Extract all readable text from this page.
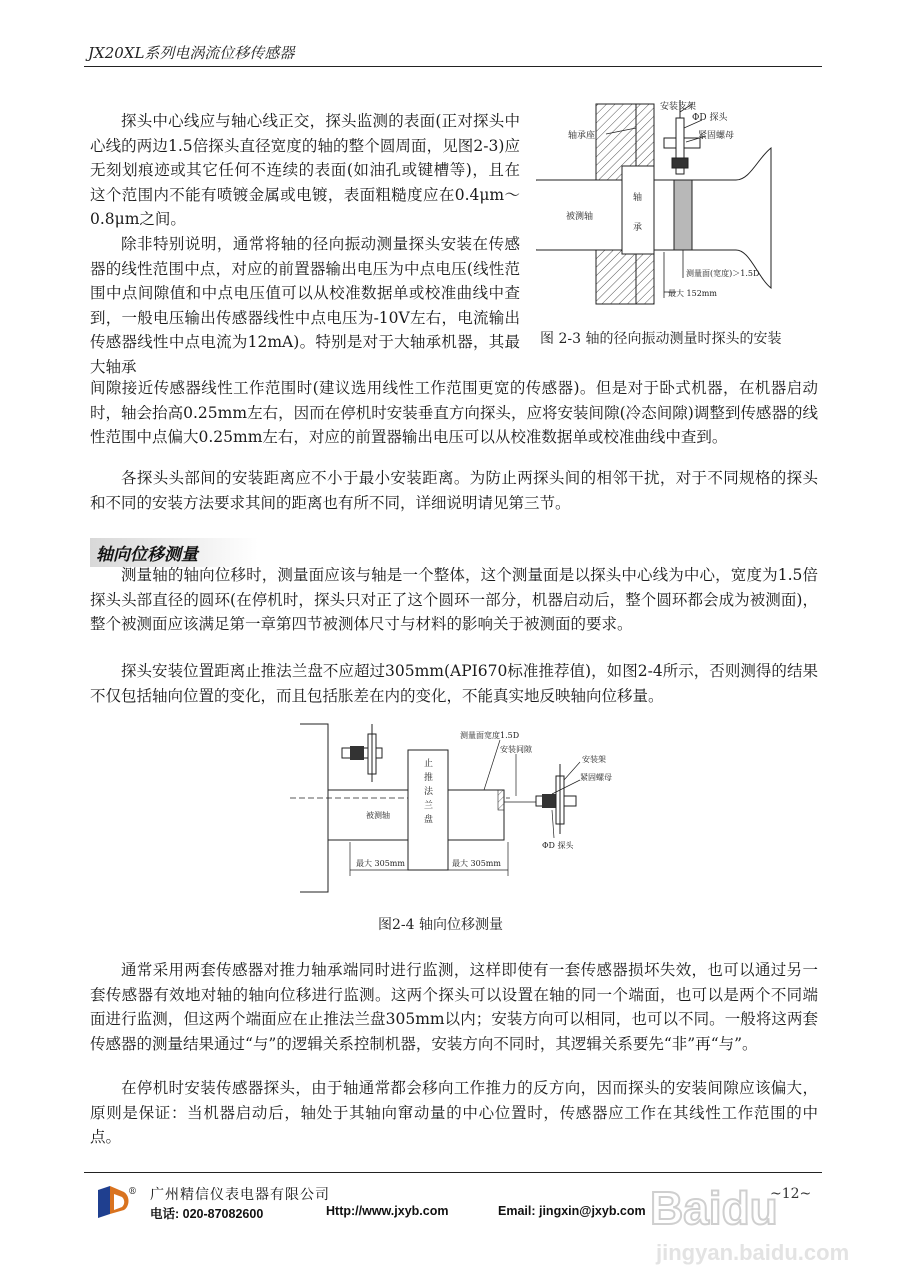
JX20XL系列电涡流位移传感器

探头中心线应与轴心线正交，探头监测的表面(正对探头中心线的两边1.5倍探头直径宽度的轴的整个圆周面，见图2-3)应无刻划痕迹或其它任何不连续的表面(如油孔或键槽等)，且在这个范围内不能有喷镀金属或电镀，表面粗糙度应在0.4μm～0.8μm之间。

除非特别说明，通常将轴的径向振动测量探头安装在传感器的线性范围中点，对应的前置器输出电压为中点电压(线性范围中点间隙值和中点电压值可以从校准数据单或校准曲线中查到，一般电压输出传感器线性中点电压为-10V左右，电流输出传感器线性中点电流为12mA)。特别是对于大轴承机器，其最大轴承

间隙接近传感器线性工作范围时(建议选用线性工作范围更宽的传感器)。但是对于卧式机器，在机器启动时，轴会抬高0.25mm左右，因而在停机时安装垂直方向探头，应将安装间隙(冷态间隙)调整到传感器的线性范围中点偏大0.25mm左右，对应的前置器输出电压可以从校准数据单或校准曲线中查到。

各探头头部间的安装距离应不小于最小安装距离。为防止两探头间的相邻干扰，对于不同规格的探头和不同的安装方法要求其间的距离也有所不同，详细说明请见第三节。

安装支架
ΦD 探头
紧固螺母
轴承座
被测轴
轴
承
测量面(宽度)＞1.5D
最大 152mm
图 2-3 轴的径向振动测量时探头的安装
轴向位移测量

测量轴的轴向位移时，测量面应该与轴是一个整体，这个测量面是以探头中心线为中心，宽度为1.5倍探头头部直径的圆环(在停机时，探头只对正了这个圆环一部分，机器启动后，整个圆环都会成为被测面)，整个被测面应该满足第一章第四节被测体尺寸与材料的影响关于被测面的要求。

探头安装位置距离止推法兰盘不应超过305mm(API670标准推荐值)，如图2-4所示，否则测得的结果不仅包括轴向位置的变化，而且包括胀差在内的变化，不能真实地反映轴向位移量。

测量面宽度1.5D
安装间隙
安装架
紧固螺母
ΦD 探头
被测轴
止
推
法
兰
盘
最大 305mm	最大 305mm
图2-4 轴向位移测量

通常采用两套传感器对推力轴承端同时进行监测，这样即使有一套传感器损坏失效，也可以通过另一套传感器有效地对轴的轴向位移进行监测。这两个探头可以设置在轴的同一个端面，也可以是两个不同端面进行监测，但这两个端面应在止推法兰盘305mm以内；安装方向可以相同，也可以不同。一般将这两套传感器的测量结果通过“与”的逻辑关系控制机器，安装方向不同时，其逻辑关系要先“非”再“与”。

在停机时安装传感器探头，由于轴通常都会移向工作推力的反方向，因而探头的安装间隙应该偏大，原则是保证：当机器启动后，轴处于其轴向窜动量的中心位置时，传感器应工作在其线性工作范围的中点。

® 广州精信仪表电器有限公司
电话: 020-87082600	Http://www.jxyb.com	Email: jingxin@jxyb.com
~12~
Baidu
jingyan.baidu.com
